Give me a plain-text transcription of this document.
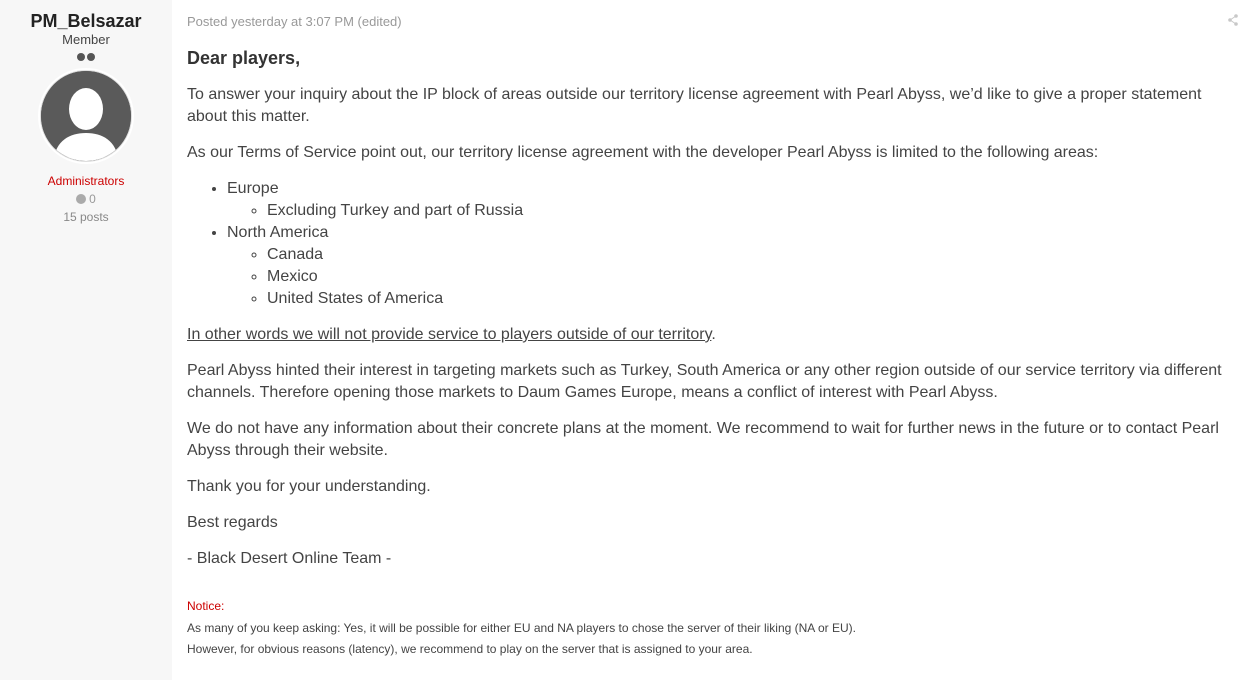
PM_Belsazar
Member
Administrators
0
15 posts
Posted yesterday at 3:07 PM (edited)
Dear players,

To answer your inquiry about the IP block of areas outside our territory license agreement with Pearl Abyss, we’d like to give a proper statement about this matter.

As our Terms of Service point out, our territory license agreement with the developer Pearl Abyss is limited to the following areas:

• Europe
◦ Excluding Turkey and part of Russia
• North America
◦ Canada
◦ Mexico
◦ United States of America

In other words we will not provide service to players outside of our territory.

Pearl Abyss hinted their interest in targeting markets such as Turkey, South America or any other region outside of our service territory via different channels. Therefore opening those markets to Daum Games Europe, means a conflict of interest with Pearl Abyss.

We do not have any information about their concrete plans at the moment. We recommend to wait for further news in the future or to contact Pearl Abyss through their website.

Thank you for your understanding.

Best regards

- Black Desert Online Team -

Notice:
As many of you keep asking: Yes, it will be possible for either EU and NA players to chose the server of their liking (NA or EU).
However, for obvious reasons (latency), we recommend to play on the server that is assigned to your area.
